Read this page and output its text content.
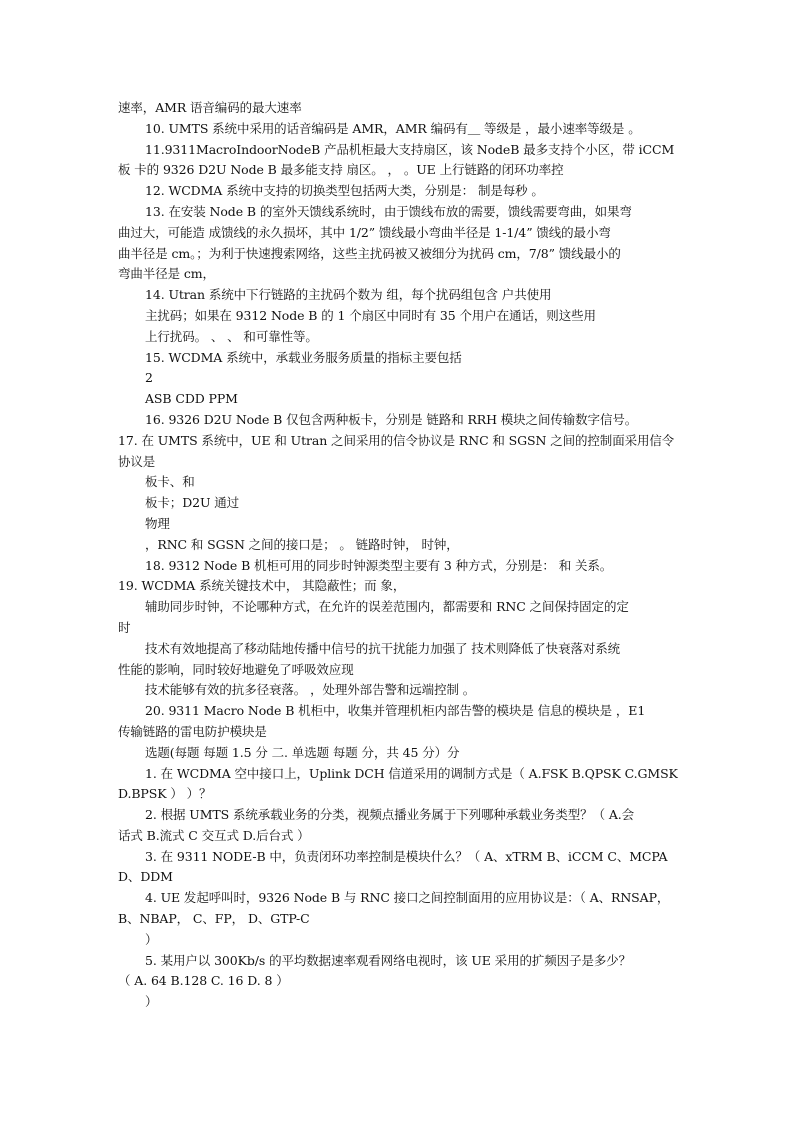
速率，AMR 语音编码的最大速率
10. UMTS 系统中采用的话音编码是 AMR，AMR 编码有＿ 等级是 ，最小速率等级是 。
11.9311MacroIndoorNodeB 产品机柜最大支持扇区，该 NodeB 最多支持个小区，带 iCCM
板 卡的 9326 D2U Node B 最多能支持 扇区。 ， 。UE 上行链路的闭环功率控
12. WCDMA 系统中支持的切换类型包括两大类，分别是： 制是每秒 。
13. 在安装 Node B 的室外天馈线系统时，由于馈线布放的需要，馈线需要弯曲，如果弯
曲过大，可能造 成馈线的永久损坏，其中 1/2” 馈线最小弯曲半径是 1-1/4” 馈线的最小弯
曲半径是 cm。；为利于快速搜索网络，这些主扰码被又被细分为扰码 cm，7/8” 馈线最小的
弯曲半径是 cm，
14. Utran 系统中下行链路的主扰码个数为 组，每个扰码组包含 户共使用
主扰码；如果在 9312 Node B 的 1 个扇区中同时有 35 个用户在通话，则这些用
上行扰码。 、 、 和可靠性等。
15. WCDMA 系统中，承载业务服务质量的指标主要包括
2
ASB CDD PPM
16. 9326 D2U Node B 仅包含两种板卡，分别是 链路和 RRH 模块之间传输数字信号。
17. 在 UMTS 系统中，UE 和 Utran 之间采用的信令协议是 RNC 和 SGSN 之间的控制面采用信令
协议是
板卡、和
板卡；D2U 通过
物理
，RNC 和 SGSN 之间的接口是； 。 链路时钟， 时钟，
18. 9312 Node B 机柜可用的同步时钟源类型主要有 3 种方式，分别是： 和 关系。
19. WCDMA 系统关键技术中， 其隐蔽性；而 象，
辅助同步时钟，不论哪种方式，在允许的误差范围内，都需要和 RNC 之间保持固定的定
时
技术有效地提高了移动陆地传播中信号的抗干扰能力加强了 技术则降低了快衰落对系统
性能的影响，同时较好地避免了呼吸效应现
技术能够有效的抗多径衰落。 ，处理外部告警和远端控制 。
20. 9311 Macro Node B 机柜中，收集并管理机柜内部告警的模块是 信息的模块是 ，E1
传输链路的雷电防护模块是
选题(每题 每题 1.5 分 二. 单选题 每题 分，共 45 分）分
1. 在 WCDMA 空中接口上，Uplink DCH 信道采用的调制方式是（ A.FSK B.QPSK C.GMSK
D.BPSK ） ）？
2. 根据 UMTS 系统承载业务的分类，视频点播业务属于下列哪种承载业务类型？（ A.会
话式 B.流式 C 交互式 D.后台式 ）
3. 在 9311 NODE-B 中，负责闭环功率控制是模块什么？（ A、xTRM B、iCCM C、MCPA
D、DDM
4. UE 发起呼叫时，9326 Node B 与 RNC 接口之间控制面用的应用协议是：（ A、RNSAP，
B、NBAP， C、FP， D、GTP-C
）
5. 某用户以 300Kb/s 的平均数据速率观看网络电视时，该 UE 采用的扩频因子是多少？
（ A. 64 B.128 C. 16 D. 8 ）
）
